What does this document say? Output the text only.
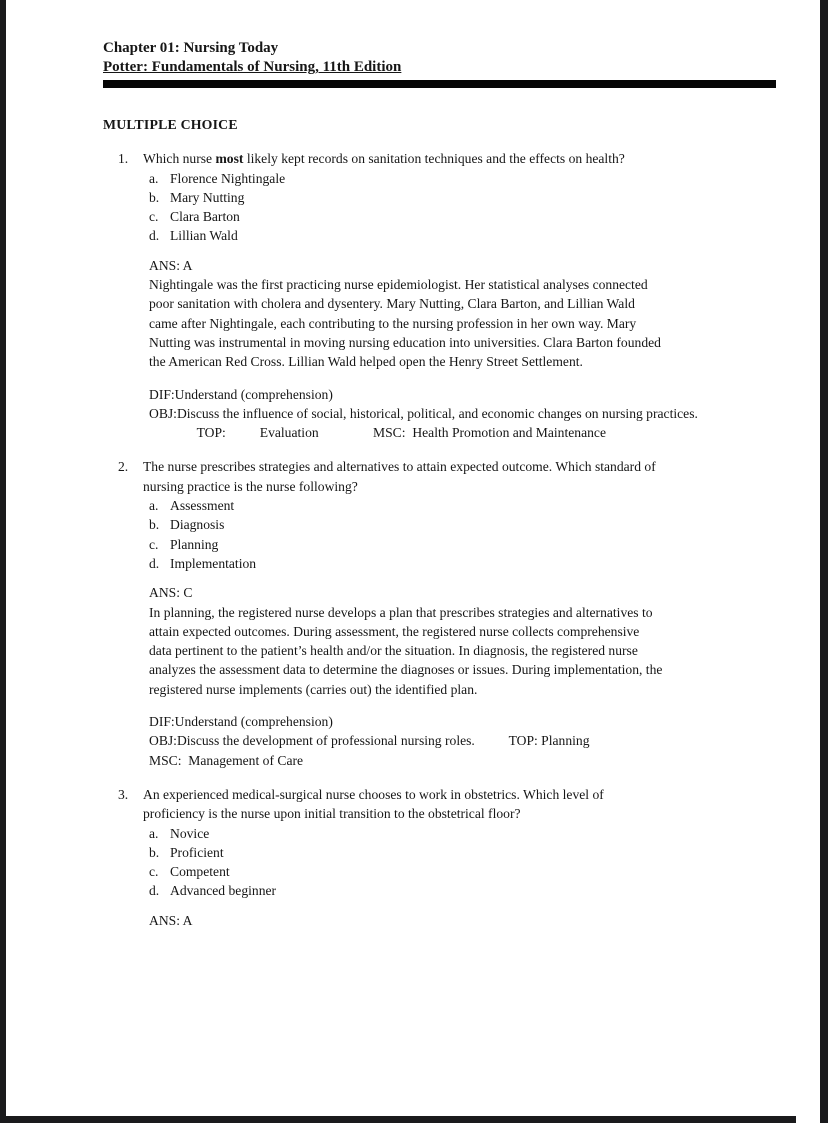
Chapter 01: Nursing Today
Potter: Fundamentals of Nursing, 11th Edition
MULTIPLE CHOICE
1.	Which nurse most likely kept records on sanitation techniques and the effects on health?

a. Florence Nightingale
b. Mary Nutting
c. Clara Barton
d. Lillian Wald
ANS: A
Nightingale was the first practicing nurse epidemiologist. Her statistical analyses connected
poor sanitation with cholera and dysentery. Mary Nutting, Clara Barton, and Lillian Wald
came after Nightingale, each contributing to the nursing profession in her own way. Mary
Nutting was instrumental in moving nursing education into universities. Clara Barton founded
the American Red Cross. Lillian Wald helped open the Henry Street Settlement.
DIF:Understand (comprehension)
OBJ:Discuss the influence of social, historical, political, and economic changes on nursing practices.
TOP:          Evaluation                MSC:  Health Promotion and Maintenance
2.	The nurse prescribes strategies and alternatives to attain expected outcome. Which standard of
nursing practice is the nurse following?

a. Assessment
b. Diagnosis
c. Planning
d. Implementation
ANS: C
In planning, the registered nurse develops a plan that prescribes strategies and alternatives to
attain expected outcomes. During assessment, the registered nurse collects comprehensive
data pertinent to the patient’s health and/or the situation. In diagnosis, the registered nurse
analyzes the assessment data to determine the diagnoses or issues. During implementation, the
registered nurse implements (carries out) the identified plan.
DIF:Understand (comprehension)
OBJ:Discuss the development of professional nursing roles.          TOP: Planning
MSC:  Management of Care
3.	An experienced medical-surgical nurse chooses to work in obstetrics. Which level of
proficiency is the nurse upon initial transition to the obstetrical floor?

a. Novice
b. Proficient
c. Competent
d. Advanced beginner
ANS: A
